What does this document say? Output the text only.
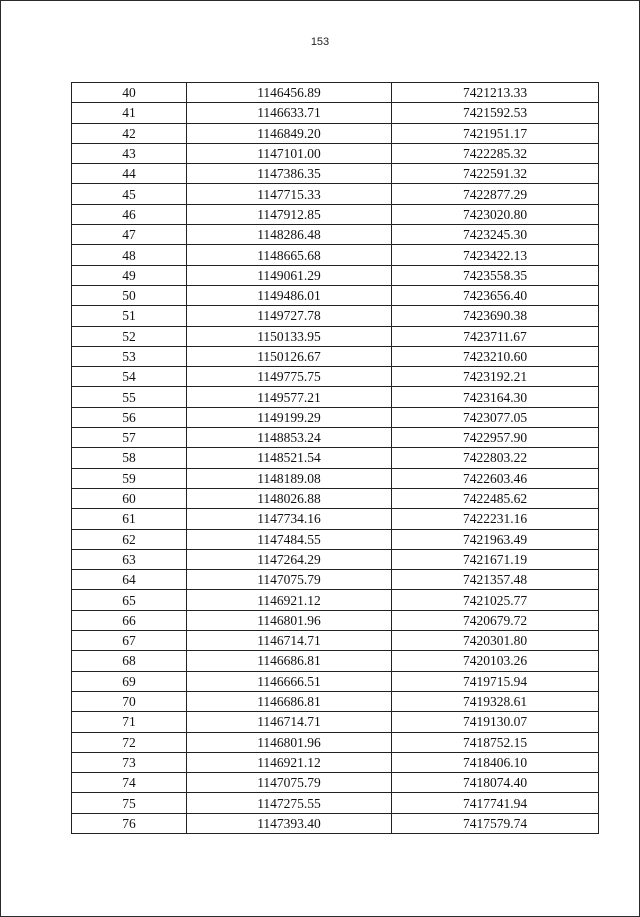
153
40	1146456.89	7421213.33
41	1146633.71	7421592.53
42	1146849.20	7421951.17
43	1147101.00	7422285.32
44	1147386.35	7422591.32
45	1147715.33	7422877.29
46	1147912.85	7423020.80
47	1148286.48	7423245.30
48	1148665.68	7423422.13
49	1149061.29	7423558.35
50	1149486.01	7423656.40
51	1149727.78	7423690.38
52	1150133.95	7423711.67
53	1150126.67	7423210.60
54	1149775.75	7423192.21
55	1149577.21	7423164.30
56	1149199.29	7423077.05
57	1148853.24	7422957.90
58	1148521.54	7422803.22
59	1148189.08	7422603.46
60	1148026.88	7422485.62
61	1147734.16	7422231.16
62	1147484.55	7421963.49
63	1147264.29	7421671.19
64	1147075.79	7421357.48
65	1146921.12	7421025.77
66	1146801.96	7420679.72
67	1146714.71	7420301.80
68	1146686.81	7420103.26
69	1146666.51	7419715.94
70	1146686.81	7419328.61
71	1146714.71	7419130.07
72	1146801.96	7418752.15
73	1146921.12	7418406.10
74	1147075.79	7418074.40
75	1147275.55	7417741.94
76	1147393.40	7417579.74
